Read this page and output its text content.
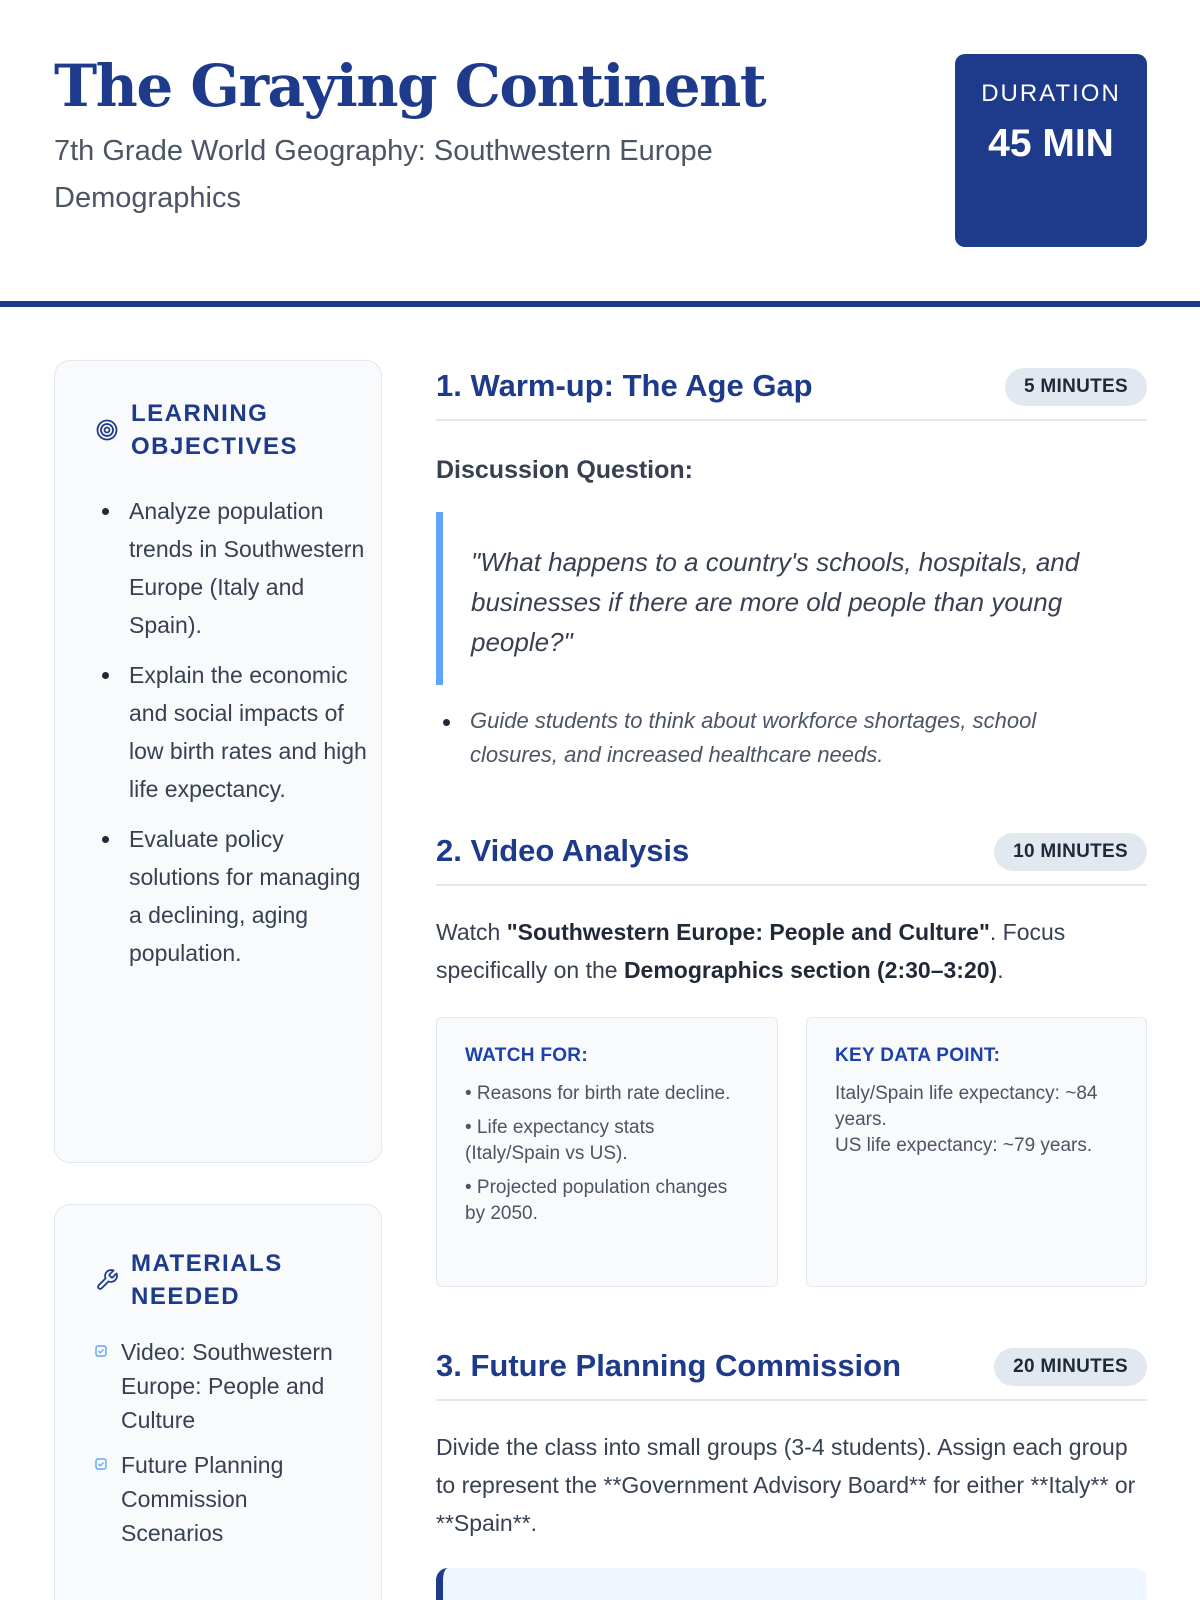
The Graying Continent
7th Grade World Geography: Southwestern Europe Demographics
DURATION
45 MIN
LEARNING OBJECTIVES
Analyze population trends in Southwestern Europe (Italy and Spain).
Explain the economic and social impacts of low birth rates and high life expectancy.
Evaluate policy solutions for managing a declining, aging population.
MATERIALS NEEDED
Video: Southwestern Europe: People and Culture
Future Planning Commission Scenarios
1. Warm-up: The Age Gap	5 MINUTES
Discussion Question:

"What happens to a country's schools, hospitals, and businesses if there are more old people than young people?"

Guide students to think about workforce shortages, school closures, and increased healthcare needs.
2. Video Analysis	10 MINUTES

Watch "Southwestern Europe: People and Culture". Focus specifically on the Demographics section (2:30–3:20).

WATCH FOR:
• Reasons for birth rate decline.
• Life expectancy stats (Italy/Spain vs US).
• Projected population changes by 2050.
KEY DATA POINT:

Italy/Spain life expectancy: ~84 years.

US life expectancy: ~79 years.

3. Future Planning Commission	20 MINUTES

Divide the class into small groups (3-4 students). Assign each group to represent the **Government Advisory Board** for either **Italy** or **Spain**.
